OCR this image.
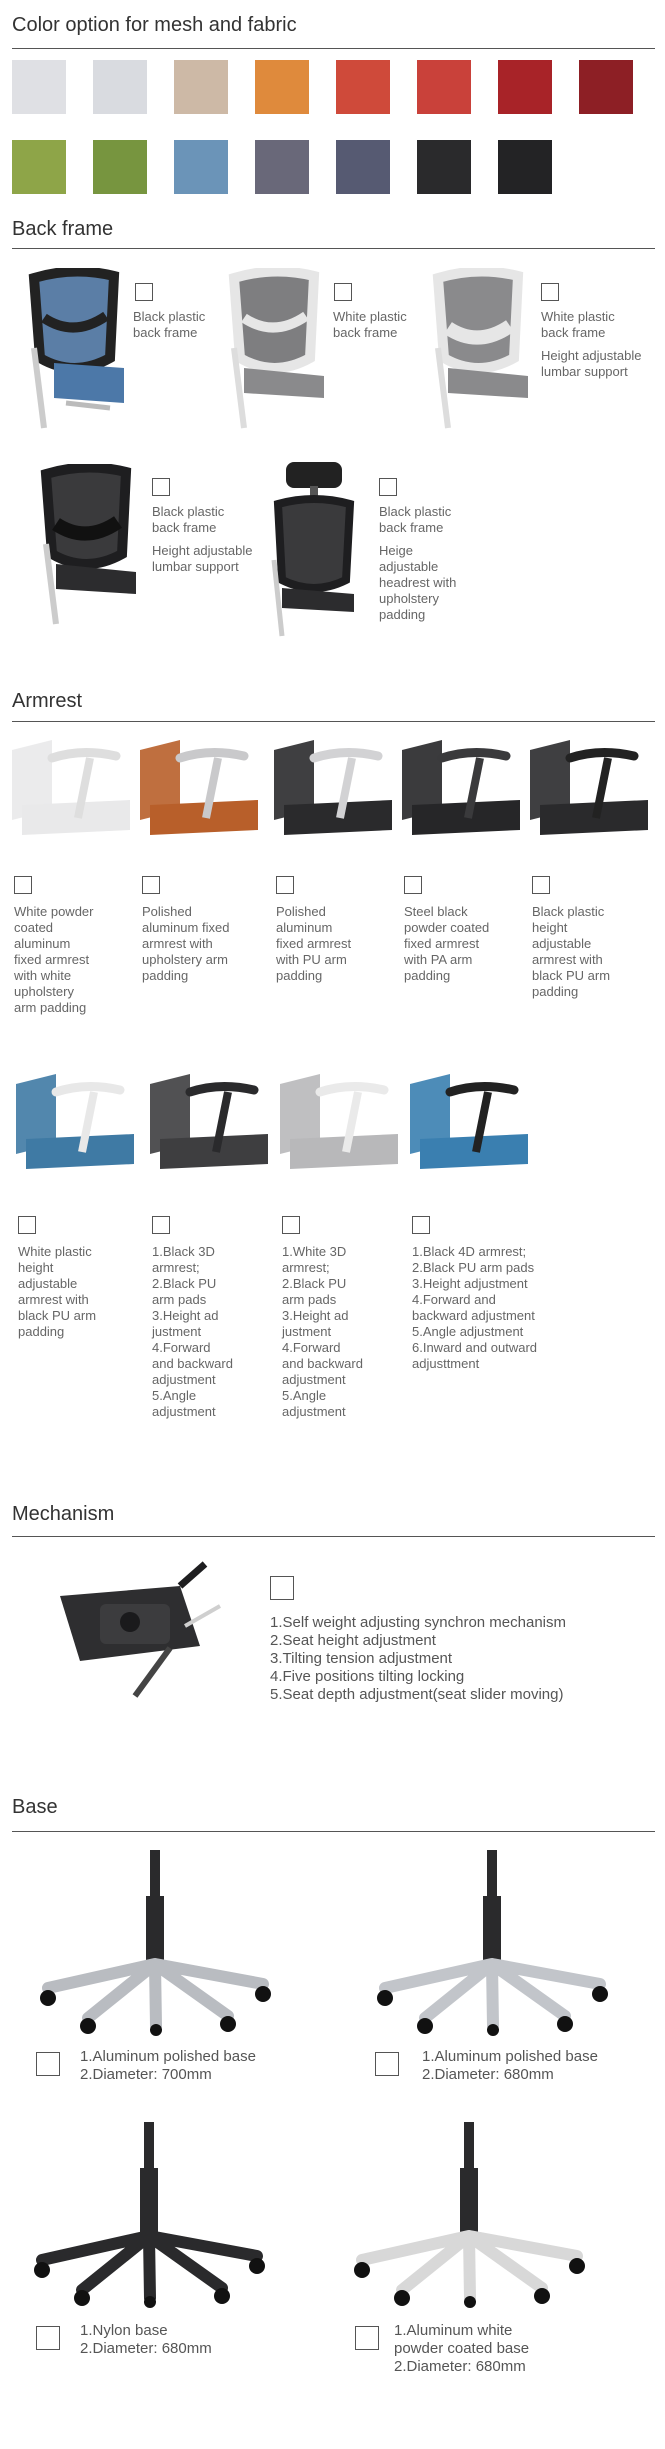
Color option for mesh and fabric
Back frame
Black plastic
back frame
White plastic
back frame
White plastic
back frame
Height adjustable
lumbar support
Black plastic
back frame
Height adjustable
lumbar support
Black plastic
back frame
Heige
adjustable
headrest with
upholstery
padding
Armrest
White powder
coated
aluminum
fixed armrest
with white
upholstery
arm padding
Polished
aluminum fixed
armrest with
upholstery arm
padding
Polished
aluminum
fixed armrest
with PU arm
padding
Steel black
powder coated
fixed armrest
with PA arm
padding
Black plastic
height
adjustable
armrest with
black PU arm
padding
White plastic
height
adjustable
armrest with
black PU arm
padding
1.Black 3D
armrest;
2.Black PU
arm pads
3.Height ad
justment
4.Forward
and backward
adjustment
5.Angle
adjustment
1.White 3D
armrest;
2.Black PU
arm pads
3.Height ad
justment
4.Forward
and backward
adjustment
5.Angle
adjustment
1.Black 4D armrest;
2.Black PU arm pads
3.Height adjustment
4.Forward and
backward adjustment
5.Angle adjustment
6.Inward and outward
adjusttment
Mechanism
1.Self weight adjusting synchron mechanism
2.Seat height adjustment
3.Tilting tension adjustment
4.Five positions tilting locking
5.Seat depth adjustment(seat slider moving)
Base
1.Aluminum polished base
2.Diameter: 700mm
1.Aluminum polished base
2.Diameter: 680mm
1.Nylon base
2.Diameter: 680mm
1.Aluminum white
powder coated base
2.Diameter: 680mm
